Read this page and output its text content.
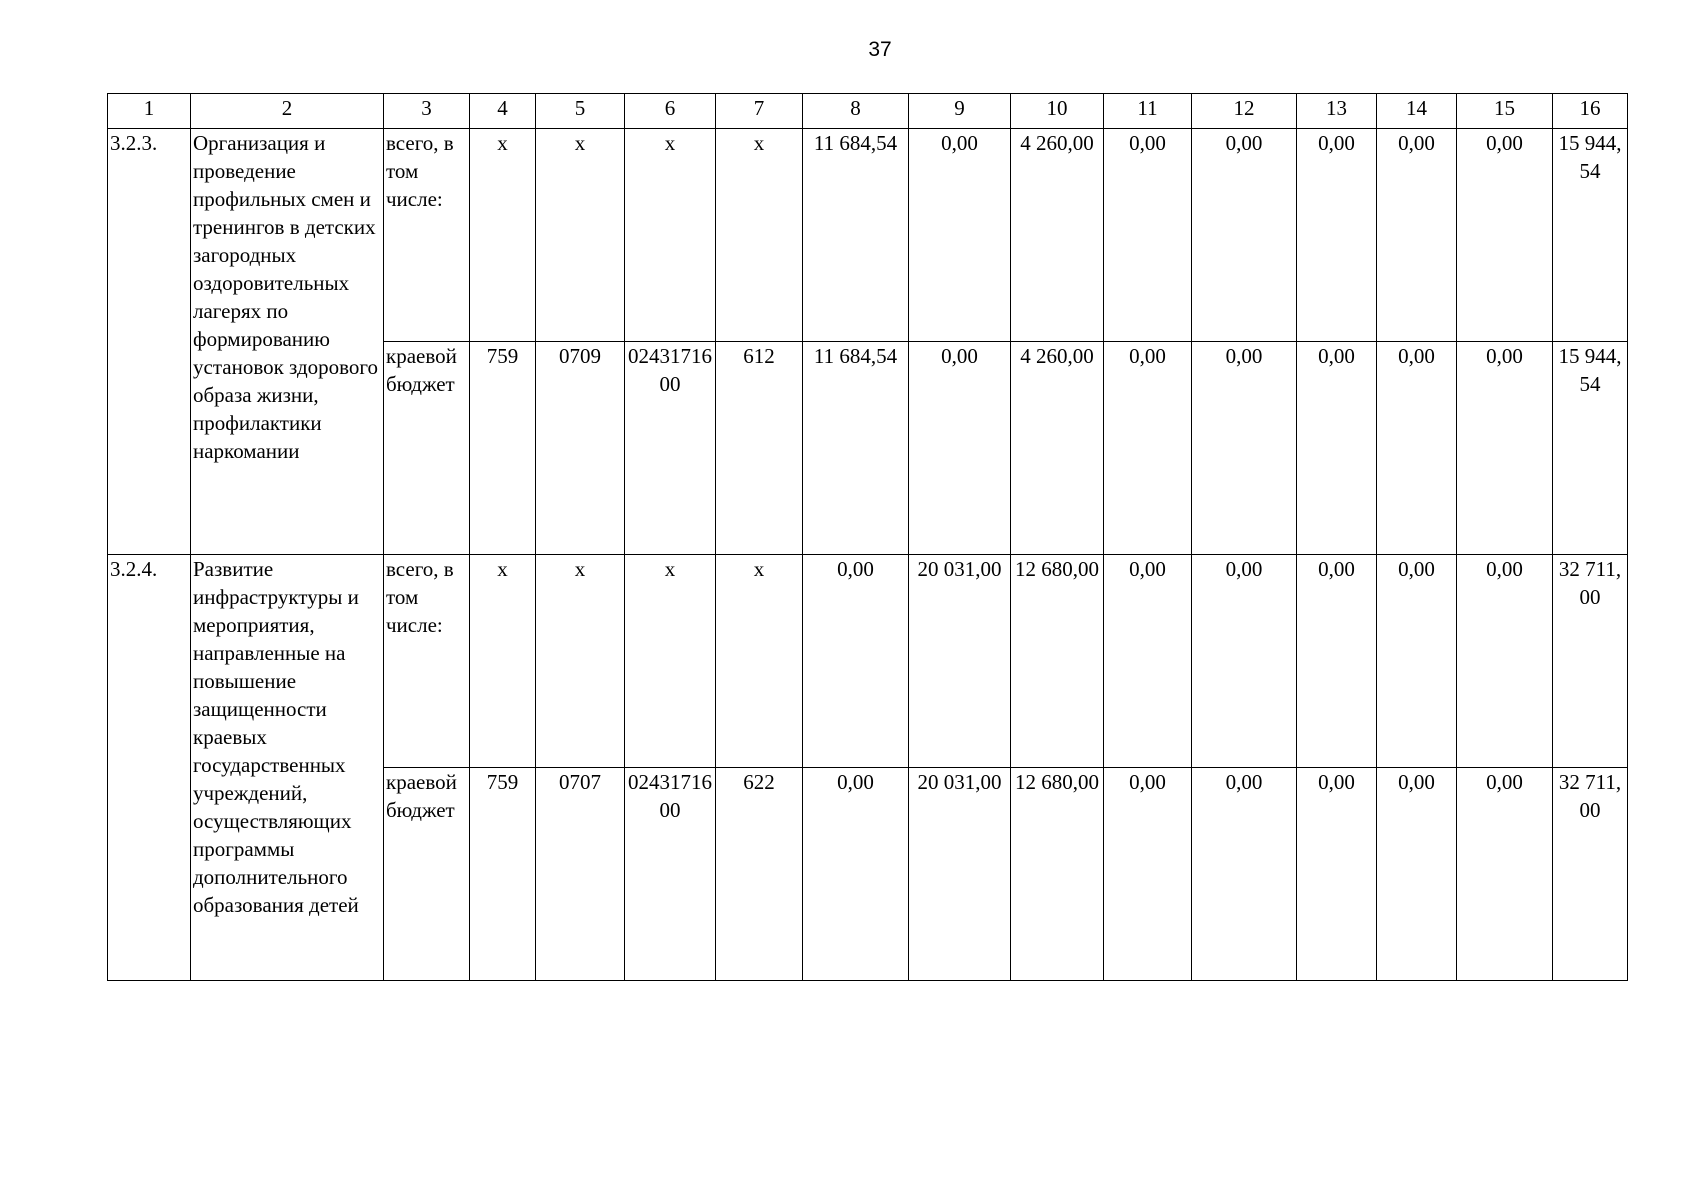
37
1	2	3	4	5	6	7	8	9	10	11	12	13	14	15	16
3.2.3.	Организация и проведение профильных смен и тренингов в детских загородных оздоровительных лагерях по формированию установок здорового образа жизни, профилактики наркомании	всего, в том числе:	х	х	х	х	11 684,54	0,00	4 260,00	0,00	0,00	0,00	0,00	0,00	15 944,54
		краевой бюджет	759	0709	0243171600	612	11 684,54	0,00	4 260,00	0,00	0,00	0,00	0,00	0,00	15 944,54
3.2.4.	Развитие инфраструктуры и мероприятия, направленные на повышение защищенности краевых государственных учреждений, осуществляющих программы дополнительного образования детей	всего, в том числе:	х	х	х	х	0,00	20 031,00	12 680,00	0,00	0,00	0,00	0,00	0,00	32 711,00
		краевой бюджет	759	0707	0243171600	622	0,00	20 031,00	12 680,00	0,00	0,00	0,00	0,00	0,00	32 711,00
